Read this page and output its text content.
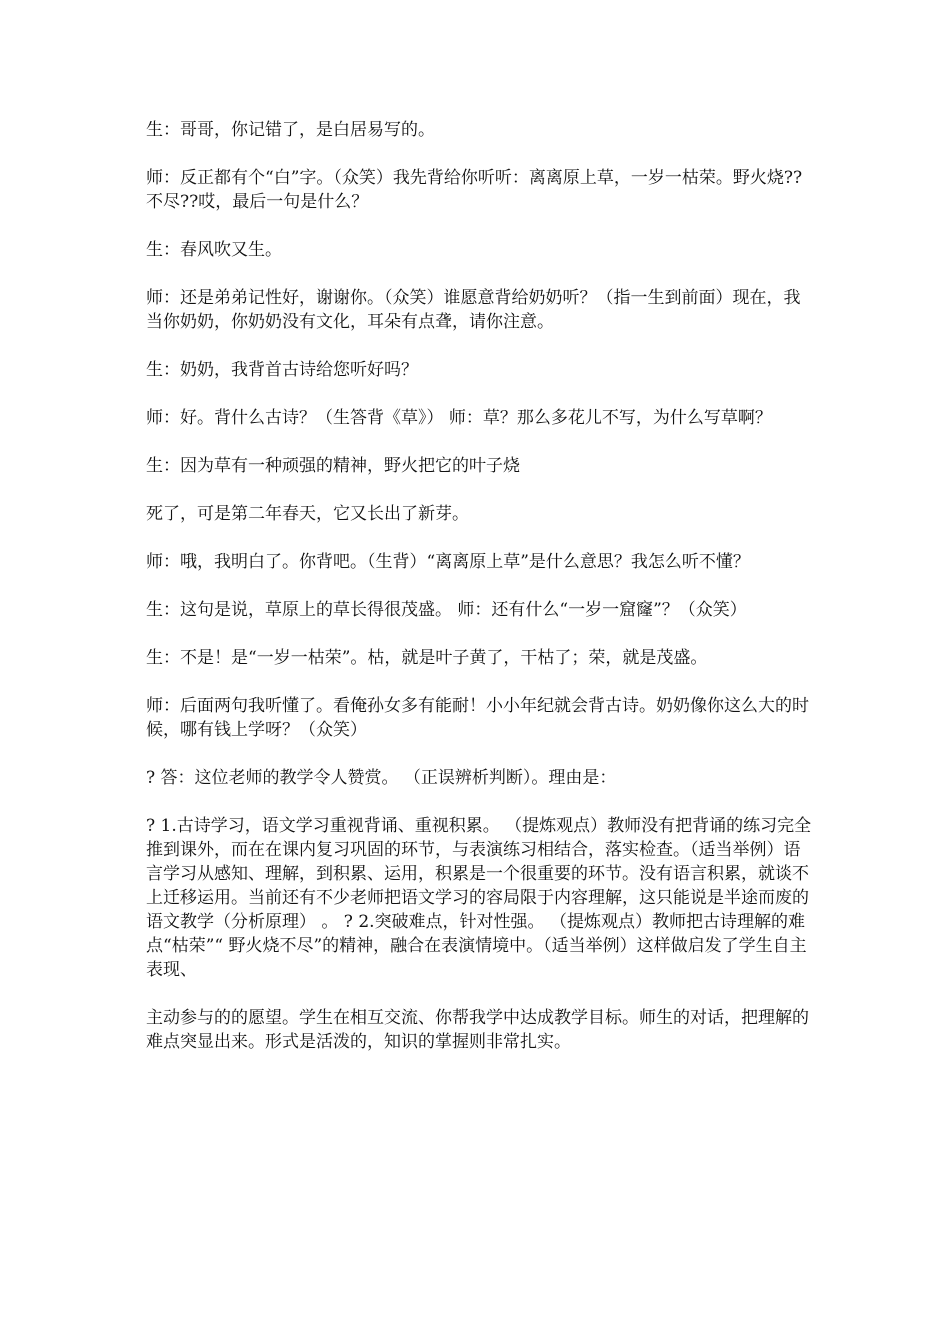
生：哥哥，你记错了，是白居易写的。

师：反正都有个“白”字。（众笑）我先背给你听听：离离原上草，一岁一枯荣。野火烧??不尽??哎，最后一句是什么？

生：春风吹又生。

师：还是弟弟记性好，谢谢你。（众笑）谁愿意背给奶奶听？（指一生到前面）现在，我当你奶奶，你奶奶没有文化，耳朵有点聋，请你注意。

生：奶奶，我背首古诗给您听好吗？

师：好。背什么古诗？（生答背《草》） 师：草？那么多花儿不写，为什么写草啊？

生：因为草有一种顽强的精神，野火把它的叶子烧

死了，可是第二年春天，它又长出了新芽。

师：哦，我明白了。你背吧。（生背）“离离原上草”是什么意思？我怎么听不懂？

生：这句是说，草原上的草长得很茂盛。 师：还有什么“一岁一窟窿”？（众笑）

生：不是！是“一岁一枯荣”。枯，就是叶子黄了，干枯了；荣，就是茂盛。

师：后面两句我听懂了。看俺孙女多有能耐！小小年纪就会背古诗。奶奶像你这么大的时候，哪有钱上学呀？（众笑）

? 答：这位老师的教学令人赞赏。 （正误辨析判断）。理由是：

? 1.古诗学习，语文学习重视背诵、重视积累。 （提炼观点）教师没有把背诵的练习完全推到课外，而在在课内复习巩固的环节，与表演练习相结合，落实检查。（适当举例）语言学习从感知、理解，到积累、运用，积累是一个很重要的环节。没有语言积累，就谈不上迁移运用。当前还有不少老师把语文学习的容局限于内容理解，这只能说是半途而废的语文教学（分析原理） 。 ? 2.突破难点，针对性强。 （提炼观点）教师把古诗理解的难点“枯荣”“ 野火烧不尽”的精神，融合在表演情境中。（适当举例）这样做启发了学生自主表现、

主动参与的的愿望。学生在相互交流、你帮我学中达成教学目标。师生的对话，把理解的难点突显出来。形式是活泼的，知识的掌握则非常扎实。
